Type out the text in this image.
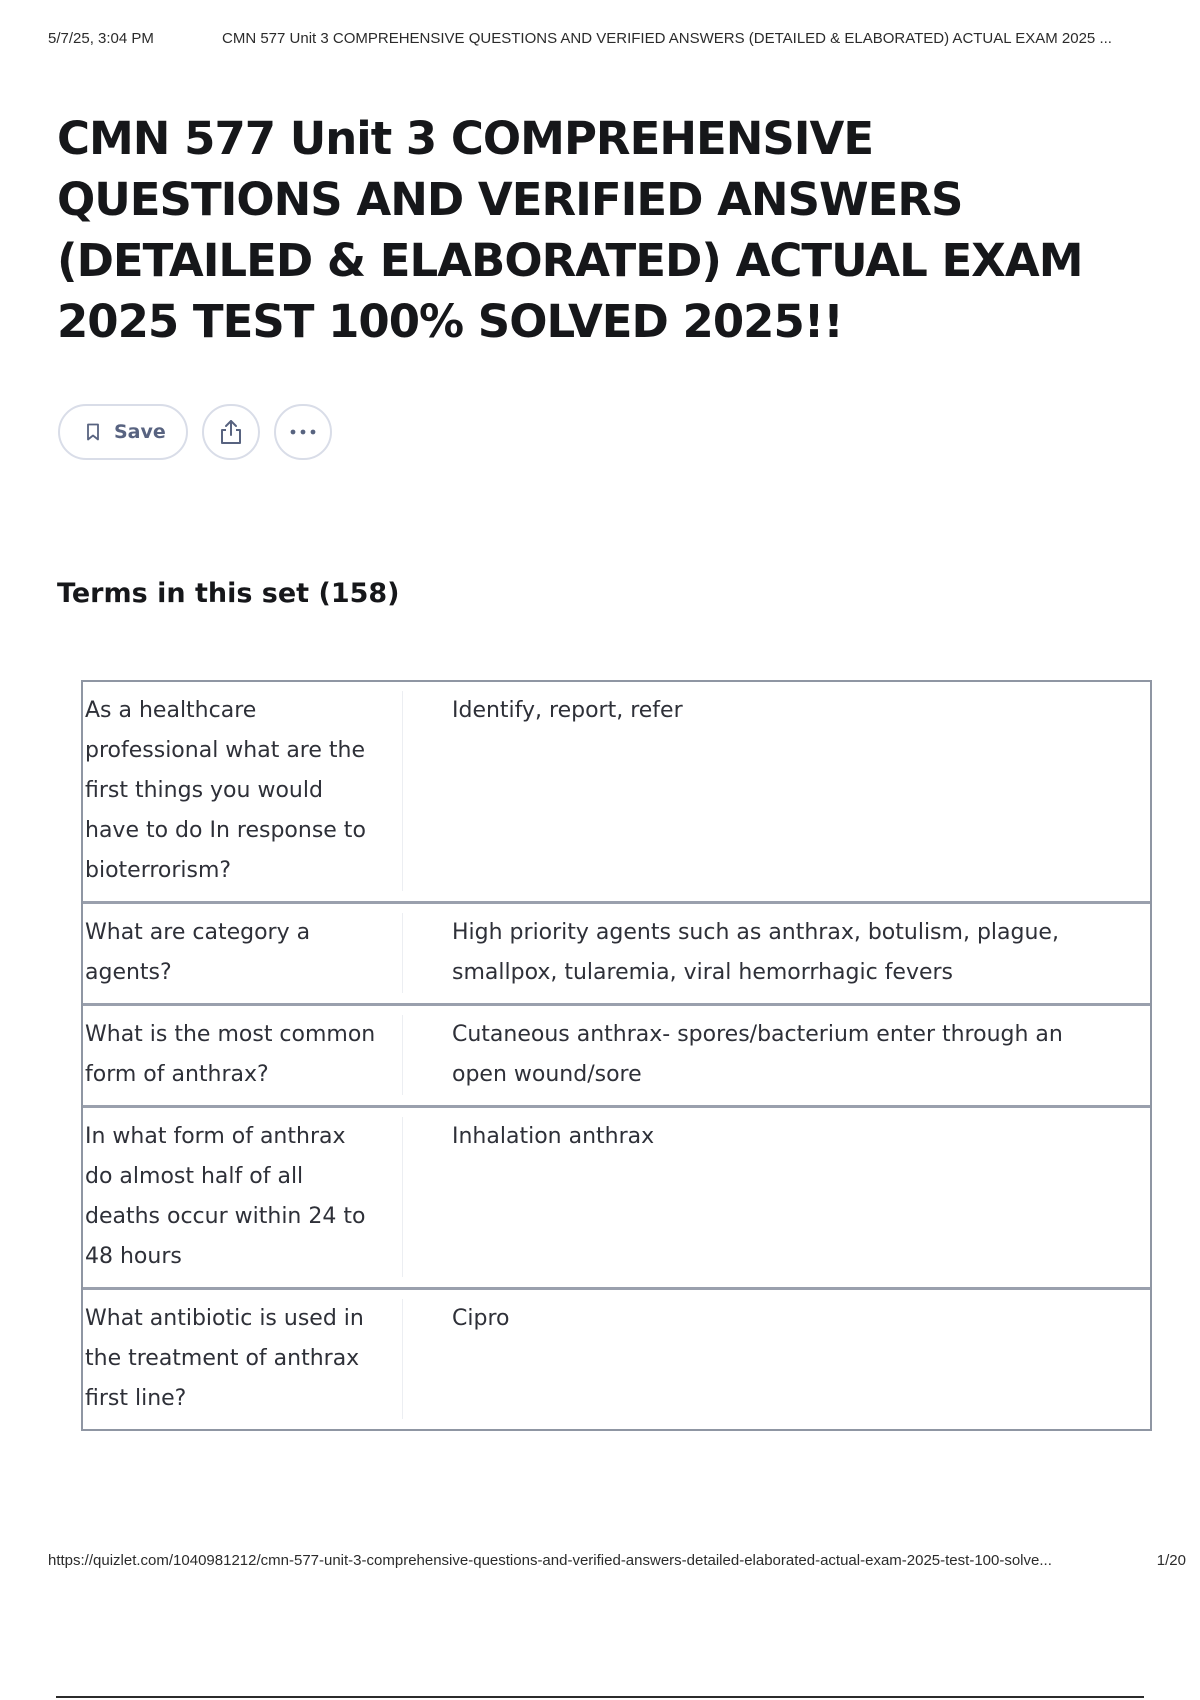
5/7/25, 3:04 PM	CMN 577 Unit 3 COMPREHENSIVE QUESTIONS AND VERIFIED ANSWERS (DETAILED & ELABORATED) ACTUAL EXAM 2025 ...
CMN 577 Unit 3 COMPREHENSIVE QUESTIONS AND VERIFIED ANSWERS (DETAILED & ELABORATED) ACTUAL EXAM 2025 TEST 100% SOLVED 2025!!
Save
Terms in this set (158)
As a healthcare professional what are the first things you would have to do In response to bioterrorism?
Identify, report, refer
What are category a agents?
High priority agents such as anthrax, botulism, plague, smallpox, tularemia, viral hemorrhagic fevers
What is the most common form of anthrax?
Cutaneous anthrax- spores/bacterium enter through an open wound/sore
In what form of anthrax do almost half of all deaths occur within 24 to 48 hours
Inhalation anthrax
What antibiotic is used in the treatment of anthrax first line?
Cipro
https://quizlet.com/1040981212/cmn-577-unit-3-comprehensive-questions-and-verified-answers-detailed-elaborated-actual-exam-2025-test-100-solve...	1/20
